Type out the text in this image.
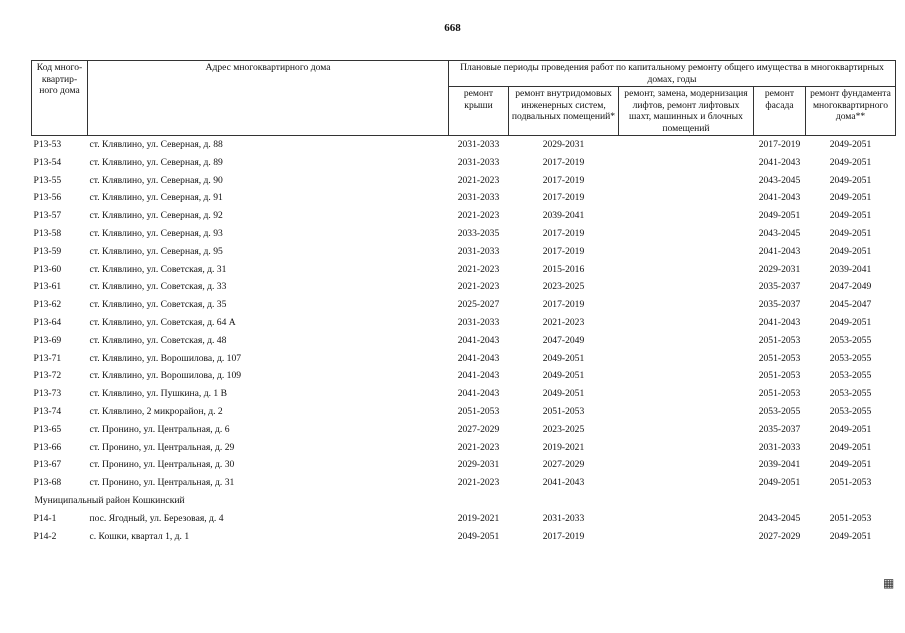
668
Код много-квартир-ного дома	Адрес многоквартирного дома	Плановые периоды проведения работ по капитальному ремонту общего имущества в многоквартирных домах, годы				
		ремонт крыши	ремонт внутридомовых инженерных систем, подвальных помещений*	ремонт, замена, модернизация лифтов, ремонт лифтовых шахт, машинных и блочных помещений	ремонт фасада	ремонт фундамента многоквартирного дома**
Р13-53	ст. Клявлино, ул. Северная, д. 88	2031-2033	2029-2031		2017-2019	2049-2051
Р13-54	ст. Клявлино, ул. Северная, д. 89	2031-2033	2017-2019		2041-2043	2049-2051
Р13-55	ст. Клявлино, ул. Северная, д. 90	2021-2023	2017-2019		2043-2045	2049-2051
Р13-56	ст. Клявлино, ул. Северная, д. 91	2031-2033	2017-2019		2041-2043	2049-2051
Р13-57	ст. Клявлино, ул. Северная, д. 92	2021-2023	2039-2041		2049-2051	2049-2051
Р13-58	ст. Клявлино, ул. Северная, д. 93	2033-2035	2017-2019		2043-2045	2049-2051
Р13-59	ст. Клявлино, ул. Северная, д. 95	2031-2033	2017-2019		2041-2043	2049-2051
Р13-60	ст. Клявлино, ул. Советская, д. 31	2021-2023	2015-2016		2029-2031	2039-2041
Р13-61	ст. Клявлино, ул. Советская, д. 33	2021-2023	2023-2025		2035-2037	2047-2049
Р13-62	ст. Клявлино, ул. Советская, д. 35	2025-2027	2017-2019		2035-2037	2045-2047
Р13-64	ст. Клявлино, ул. Советская, д. 64 А	2031-2033	2021-2023		2041-2043	2049-2051
Р13-69	ст. Клявлино, ул. Советская, д. 48	2041-2043	2047-2049		2051-2053	2053-2055
Р13-71	ст. Клявлино, ул. Ворошилова, д. 107	2041-2043	2049-2051		2051-2053	2053-2055
Р13-72	ст. Клявлино, ул. Ворошилова, д. 109	2041-2043	2049-2051		2051-2053	2053-2055
Р13-73	ст. Клявлино, ул. Пушкина, д. 1 В	2041-2043	2049-2051		2051-2053	2053-2055
Р13-74	ст. Клявлино, 2 микрорайон, д. 2	2051-2053	2051-2053		2053-2055	2053-2055
Р13-65	ст. Пронино, ул. Центральная, д. 6	2027-2029	2023-2025		2035-2037	2049-2051
Р13-66	ст. Пронино, ул. Центральная, д. 29	2021-2023	2019-2021		2031-2033	2049-2051
Р13-67	ст. Пронино, ул. Центральная, д. 30	2029-2031	2027-2029		2039-2041	2049-2051
Р13-68	ст. Пронино, ул. Центральная, д. 31	2021-2023	2041-2043		2049-2051	2051-2053
Муниципальный район Кошкинский						
Р14-1	пос. Ягодный, ул. Березовая, д. 4	2019-2021	2031-2033		2043-2045	2051-2053
Р14-2	с. Кошки, квартал 1, д. 1	2049-2051	2017-2019		2027-2029	2049-2051
▦
